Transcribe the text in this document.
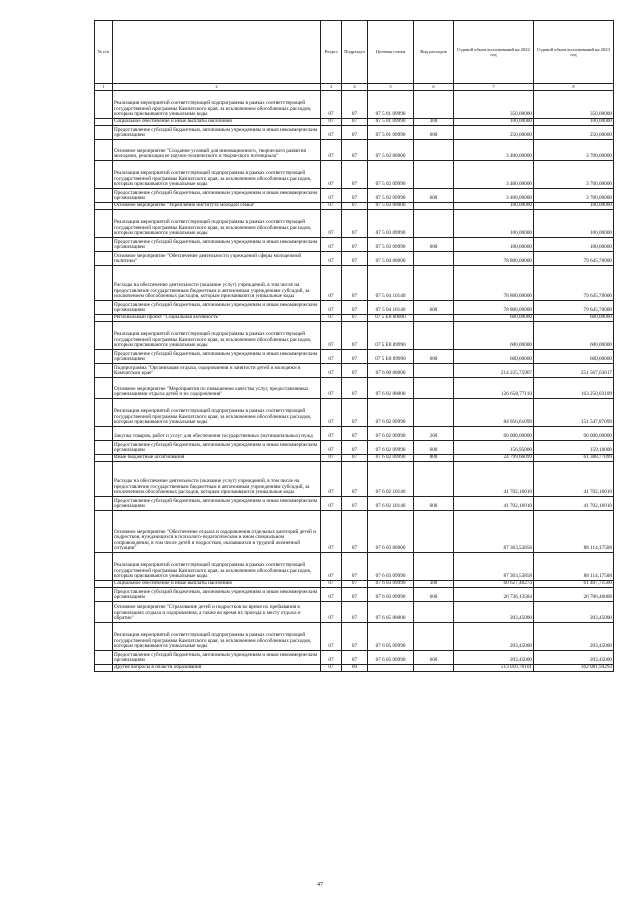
№ п/п		Раздел	Подраздел	Целевая статья	Вид расходов	Годовой объем ассигнований на 2022 год	Годовой объем ассигнований на 2023 год
1	2	3	4	5	6	7	8
	Реализация мероприятий соответствующей подпрограммы в рамках соответствующей государственной программы Камчатского края, за исключением обособленных расходов, которым присваиваются уникальные коды	07	07	07 5 01 09990		350,00000	350,00000
	Социальное обеспечение и иные выплаты населению	07	07	07 5 01 09990	300	100,00000	100,00000
	Предоставление субсидий бюджетным, автономным учреждениям и иным некоммерческим организациям	07	07	07 5 01 09990	600	250,00000	250,00000
	Основное мероприятие "Создание условий для инновационного, творческого развития молодежи, реализация ее научно-технического и творческого потенциала"	07	07	07 5 02 00000		3 400,00000	3 700,00000
	Реализация мероприятий соответствующей подпрограммы в рамках соответствующей государственной программы Камчатского края, за исключением обособленных расходов, которым присваиваются уникальные коды	07	07	07 5 02 09990		3 400,00000	3 700,00000
	Предоставление субсидий бюджетным, автономным учреждениям и иным некоммерческим организациям	07	07	07 5 02 09990	600	3 400,00000	3 700,00000
	Основное мероприятие "Укрепление института молодой семьи"	07	07	07 5 03 00000		100,00000	100,00000
	Реализация мероприятий соответствующей подпрограммы в рамках соответствующей государственной программы Камчатского края, за исключением обособленных расходов, которым присваиваются уникальные коды	07	07	07 5 03 09990		100,00000	100,00000
	Предоставление субсидий бюджетным, автономным учреждениям и иным некоммерческим организациям	07	07	07 5 03 09990	600	100,00000	100,00000
	Основное мероприятие "Обеспечение деятельности учреждений сферы молодежной политики"	07	07	07 5 04 00000		78 800,00000	79 645,70000
	Расходы на обеспечение деятельности (оказание услуг) учреждений, в том числе на предоставление государственным бюджетным и автономным учреждениям субсидий, за исключением обособленных расходов, которым присваиваются уникальные коды	07	07	07 5 04 10140		78 800,00000	79 645,70000
	Предоставление субсидий бюджетным, автономным учреждениям и иным некоммерческим организациям	07	07	07 5 04 10140	600	78 800,00000	79 645,70000
	Региональный проект "Социальная активность"	07	07	07 5 E8 00000		600,00000	600,00000
	Реализация мероприятий соответствующей подпрограммы в рамках соответствующей государственной программы Камчатского края, за исключением обособленных расходов, которым присваиваются уникальные коды	07	07	07 5 E8 09990		600,00000	600,00000
	Предоставление субсидий бюджетным, автономным учреждениям и иным некоммерческим организациям	07	07	07 5 E8 09990	600	600,00000	600,00000
	Подпрограмма "Организация отдыха, оздоровления и занятости детей и молодежи в Камчатском крае"	07	07	07 6 00 00000		214 225,75967	251 567,63617
	Основное мероприятие "Мероприятия по повышению качества услуг, предоставляемых организациями отдыха детей и их оздоровления"	07	07	07 6 02 00000		126 658,77110	163 250,03109
	Реализация мероприятий соответствующей подпрограммы в рамках соответствующей государственной программы Камчатского края, за исключением обособленных расходов, которым присваиваются уникальные коды	07	07	07 6 02 09990		84 956,61099	151 547,87099
	Закупка товаров, работ и услуг для обеспечения государственных (муниципальных) нужд	07	07	07 6 02 09990	200	60 000,00000	90 000,00000
	Предоставление субсидий бюджетным, автономным учреждениям и иным некоммерческим организациям	07	07	07 6 02 09990	600	156,95000	159,10000
	Иные бюджетные ассигнования	07	07	07 6 02 09990	800	24 799,66099	61 388,77099
	Расходы на обеспечение деятельности (оказание услуг) учреждений, в том числе на предоставление государственным бюджетным и автономным учреждениям субсидий, за исключением обособленных расходов, которым присваиваются уникальные коды	07	07	07 6 02 10140		41 702,16010	41 702,16010
	Предоставление субсидий бюджетным, автономным учреждениям и иным некоммерческим организациям	07	07	07 6 02 10140	600	41 702,16010	41 702,16010
	Основное мероприятие "Обеспечение отдыха и оздоровления отдельных категорий детей и подростков, нуждающихся в психолого-педагогическом и ином специальном сопровождении, в том числе детей и подростков, оказавшихся в трудной жизненной ситуации"	07	07	07 6 03 00000		87 363,53858	88 114,17508
	Реализация мероприятий соответствующей подпрограммы в рамках соответствующей государственной программы Камчатского края, за исключением обособленных расходов, которым присваиваются уникальные коды	07	07	07 6 03 09990		87 363,53858	88 114,17508
	Социальное обеспечение и иные выплаты населению	07	07	07 6 03 09990	300	60 627,40274	61 407,71500
	Предоставление субсидий бюджетным, автономным учреждениям и иным некоммерческим организациям	07	07	07 6 03 09990	600	26 736,13584	26 706,46008
	Основное мероприятие "Страхование детей и подростков во время их пребывания в организациях отдыха и оздоровления, а также во время их проезда к месту отдыха и обратно"	07	07	07 6 05 00000		203,45000	203,45000
	Реализация мероприятий соответствующей подпрограммы в рамках соответствующей государственной программы Камчатского края, за исключением обособленных расходов, которым присваиваются уникальные коды	07	07	07 6 05 09990		203,45000	203,45000
	Предоставление субсидий бюджетным, автономным учреждениям и иным некоммерческим организациям	07	07	07 6 05 09990	600	203,45000	203,45000
	Другие вопросы в области образования	07	09			513 010,70101	362 081,94293
47
